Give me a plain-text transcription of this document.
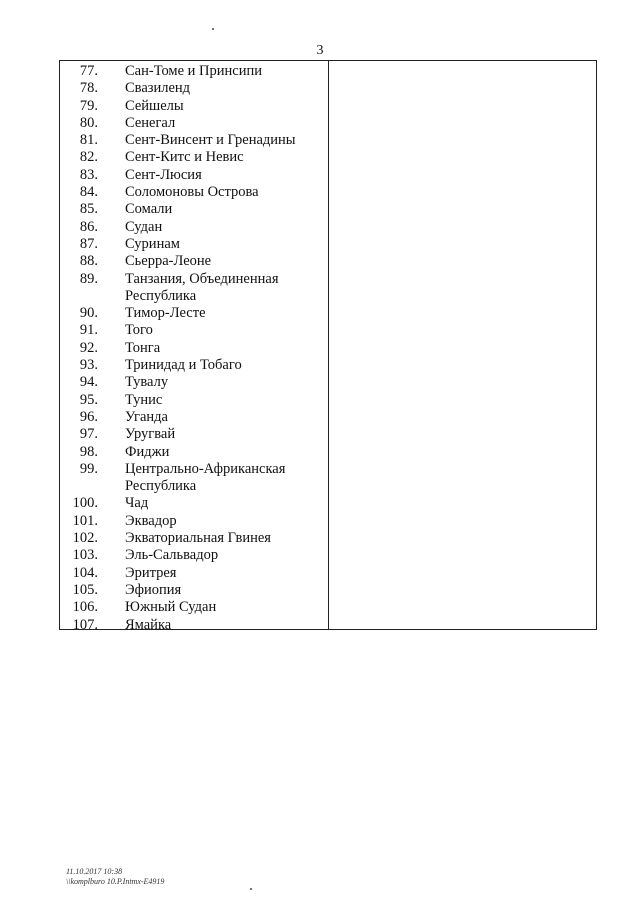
3
77. Сан-Томе и Принсипи
78. Свазиленд
79. Сейшелы
80. Сенегал
81. Сент-Винсент и Гренадины
82. Сент-Китс и Невис
83. Сент-Люсия
84. Соломоновы Острова
85. Сомали
86. Судан
87. Суринам
88. Сьерра-Леоне
89. Танзания, Объединенная Республика
90. Тимор-Лесте
91. Того
92. Тонга
93. Тринидад и Тобаго
94. Тувалу
95. Тунис
96. Уганда
97. Уругвай
98. Фиджи
99. Центрально-Африканская Республика
100. Чад
101. Эквадор
102. Экваториальная Гвинея
103. Эль-Сальвадор
104. Эритрея
105. Эфиопия
106. Южный Судан
107. Ямайка
11.10.2017 10:38
\\komplburo 10.P.Intmx-E4919
